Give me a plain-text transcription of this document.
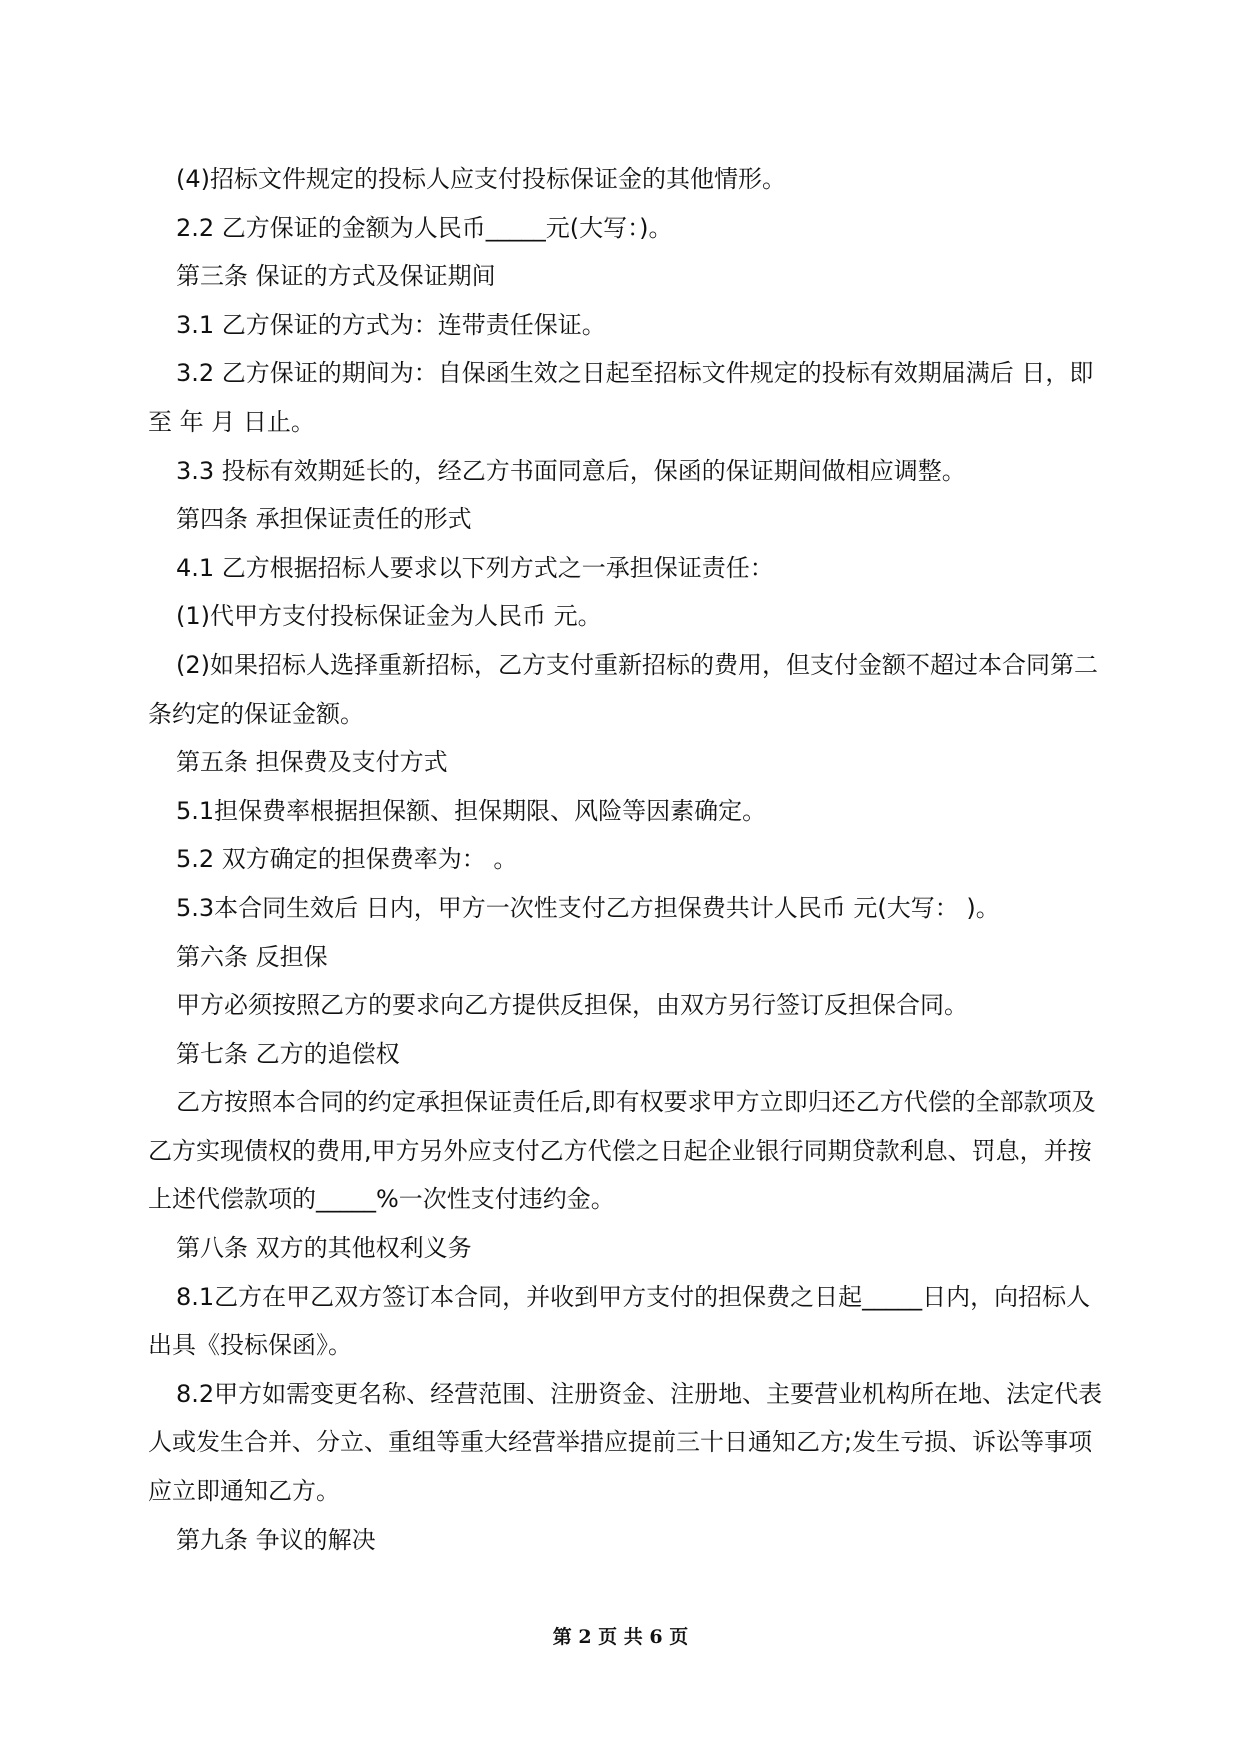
(4)招标文件规定的投标人应支付投标保证金的其他情形。

2.2 乙方保证的金额为人民币_____元(大写：)。

第三条 保证的方式及保证期间

3.1 乙方保证的方式为：连带责任保证。

3.2 乙方保证的期间为：自保函生效之日起至招标文件规定的投标有效期届满后 日，即至 年 月 日止。

3.3 投标有效期延长的，经乙方书面同意后，保函的保证期间做相应调整。

第四条 承担保证责任的形式

4.1 乙方根据招标人要求以下列方式之一承担保证责任：

(1)代甲方支付投标保证金为人民币 元。

(2)如果招标人选择重新招标，乙方支付重新招标的费用，但支付金额不超过本合同第二条约定的保证金额。

第五条 担保费及支付方式

5.1担保费率根据担保额、担保期限、风险等因素确定。

5.2 双方确定的担保费率为： 。

5.3本合同生效后 日内，甲方一次性支付乙方担保费共计人民币 元(大写： )。

第六条 反担保

甲方必须按照乙方的要求向乙方提供反担保，由双方另行签订反担保合同。

第七条 乙方的追偿权

乙方按照本合同的约定承担保证责任后,即有权要求甲方立即归还乙方代偿的全部款项及乙方实现债权的费用,甲方另外应支付乙方代偿之日起企业银行同期贷款利息、罚息，并按上述代偿款项的_____%一次性支付违约金。

第八条 双方的其他权利义务

8.1乙方在甲乙双方签订本合同，并收到甲方支付的担保费之日起_____日内，向招标人出具《投标保函》。

8.2甲方如需变更名称、经营范围、注册资金、注册地、主要营业机构所在地、法定代表人或发生合并、分立、重组等重大经营举措应提前三十日通知乙方;发生亏损、诉讼等事项应立即通知乙方。

第九条 争议的解决

第 2 页 共 6 页
